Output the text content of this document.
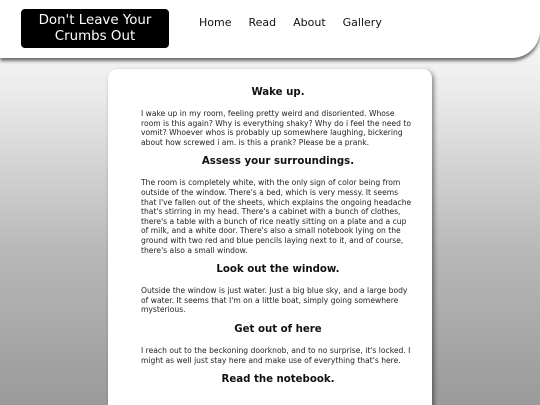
Don't Leave Your Crumbs Out
Home Read About Gallery
Wake up.

I wake up in my room, feeling pretty weird and disoriented. Whose room is this again? Why is everything shaky? Why do i feel the need to vomit? Whoever whos is probably up somewhere laughing, bickering about how screwed i am. is this a prank? Please be a prank.

Assess your surroundings.

The room is completely white, with the only sign of color being from outside of the window. There's a bed, which is very messy. It seems that I've fallen out of the sheets, which explains the ongoing headache that's stirring in my head. There's a cabinet with a bunch of clothes, there's a table with a bunch of rice neatly sitting on a plate and a cup of milk, and a white door. There's also a small notebook lying on the ground with two red and blue pencils laying next to it, and of course, there's also a small window.

Look out the window.

Outside the window is just water. Just a big blue sky, and a large body of water. It seems that I'm on a little boat, simply going somewhere mysterious.

Get out of here

I reach out to the beckoning doorknob, and to no surprise, it's locked. I might as well just stay here and make use of everything that's here.

Read the notebook.
